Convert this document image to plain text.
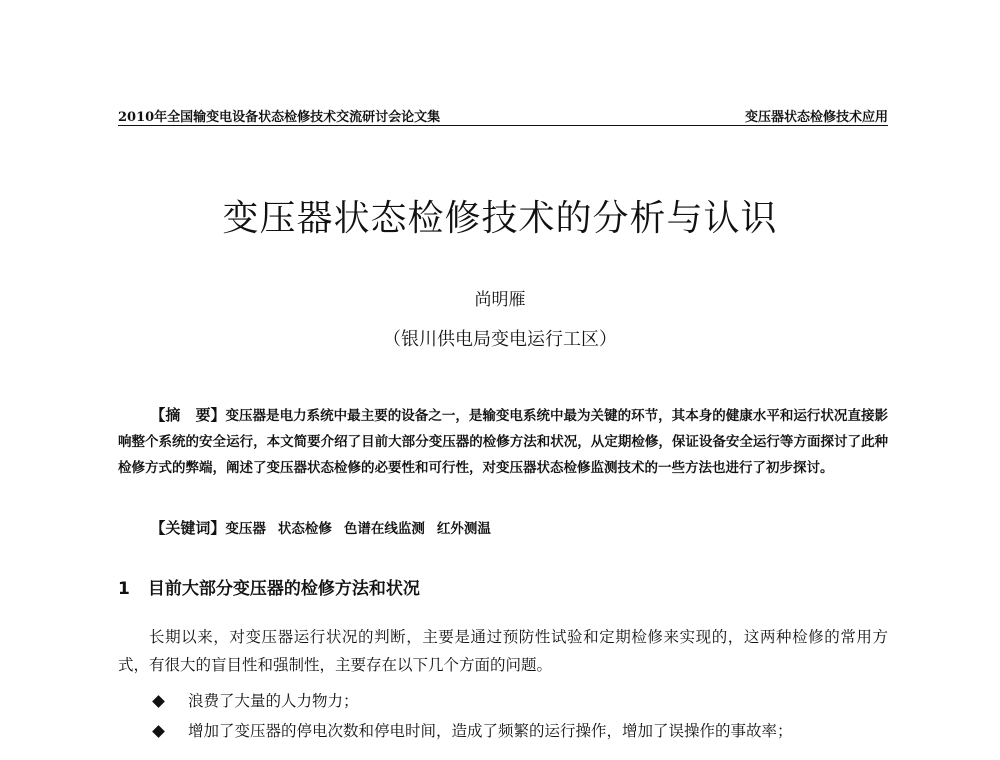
2010年全国输变电设备状态检修技术交流研讨会论文集	变压器状态检修技术应用
变压器状态检修技术的分析与认识
尚明雁
（银川供电局变电运行工区）

【摘　要】变压器是电力系统中最主要的设备之一，是输变电系统中最为关键的环节，其本身的健康水平和运行状况直接影响整个系统的安全运行，本文简要介绍了目前大部分变压器的检修方法和状况，从定期检修，保证设备安全运行等方面探讨了此种检修方式的弊端，阐述了变压器状态检修的必要性和可行性，对变压器状态检修监测技术的一些方法也进行了初步探讨。

【关键词】变压器 状态检修 色谱在线监测 红外测温

1 目前大部分变压器的检修方法和状况

长期以来，对变压器运行状况的判断，主要是通过预防性试验和定期检修来实现的，这两种检修的常用方式，有很大的盲目性和强制性，主要存在以下几个方面的问题。

浪费了大量的人力物力；
增加了变压器的停电次数和停电时间，造成了频繁的运行操作，增加了误操作的事故率；
